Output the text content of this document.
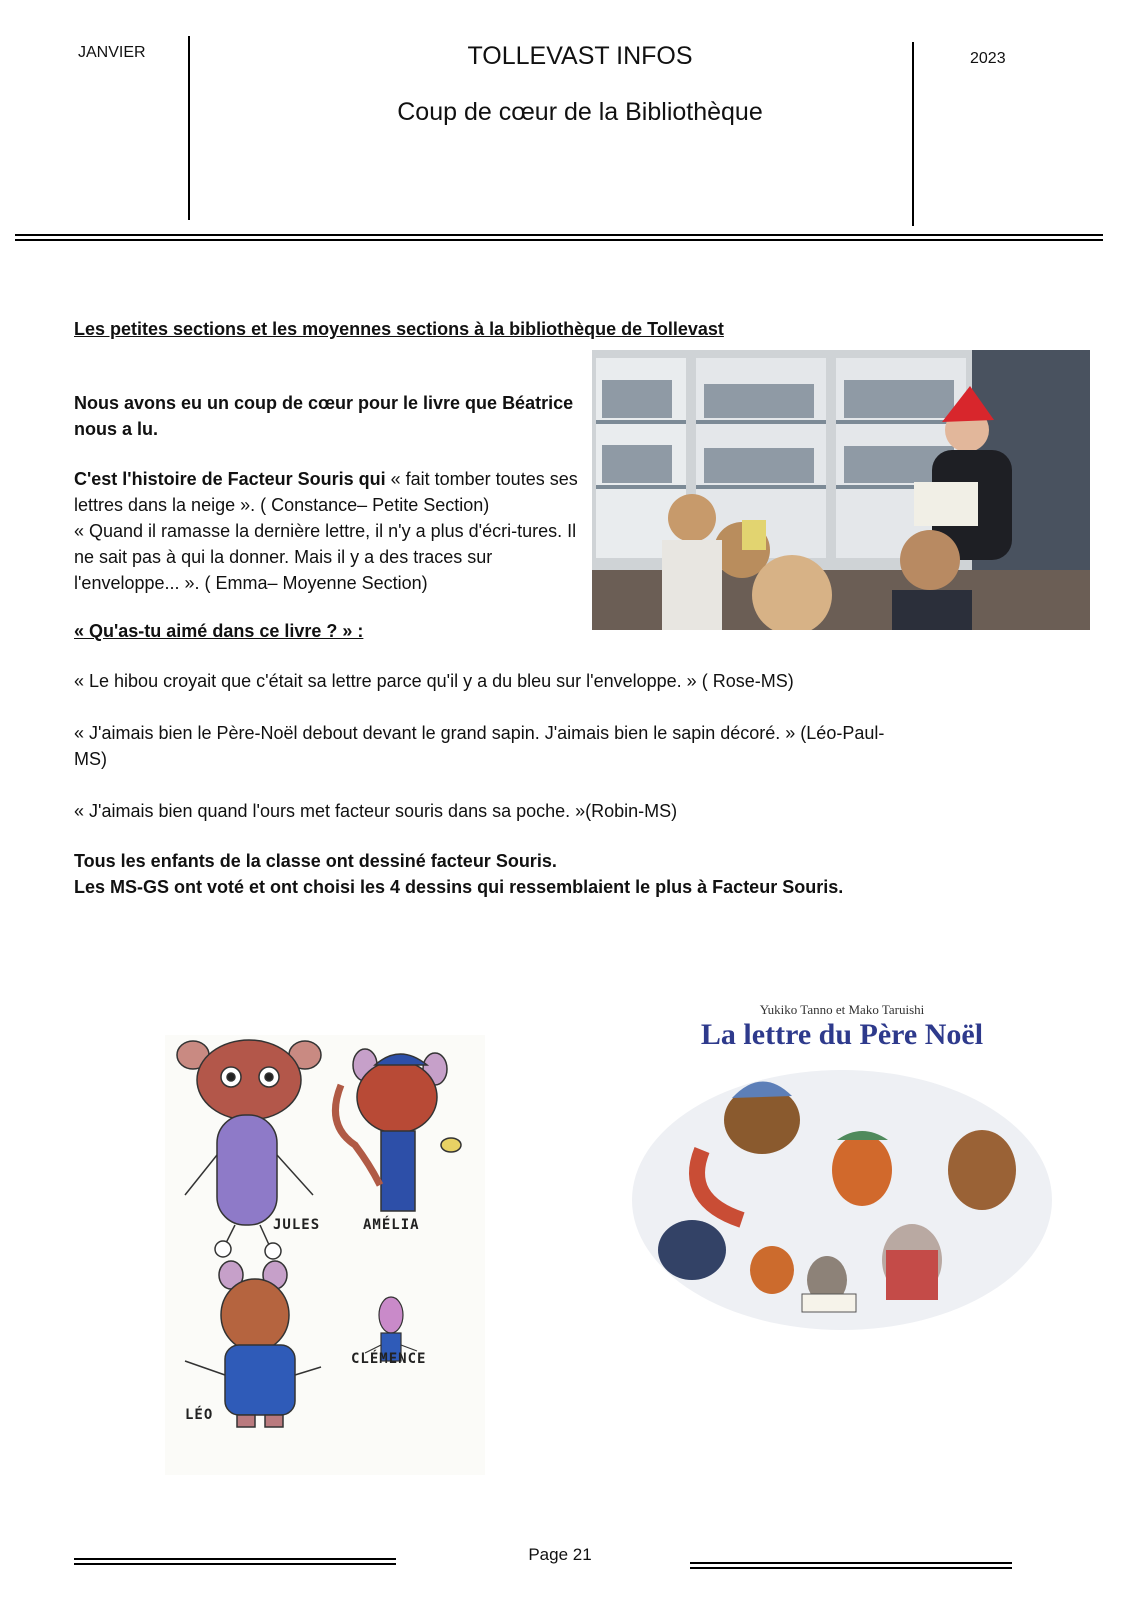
JANVIER	TOLLEVAST INFOS
Coup de cœur de la Bibliothèque
2023
Les petites sections et les moyennes sections à la bibliothèque de Tollevast
Nous avons eu un coup de cœur pour le livre que Béatrice nous a lu.
C'est l'histoire de Facteur Souris qui « fait tomber toutes ses lettres dans la neige ». ( Constance– Petite Section)
« Quand il ramasse la dernière lettre, il n'y a plus d'écri-tures. Il ne sait pas à qui la donner. Mais il y a des traces sur l'enveloppe... ». ( Emma– Moyenne Section)
« Qu'as-tu aimé dans ce livre ? » :
« Le hibou croyait que c'était sa lettre parce qu'il y a du bleu sur l'enveloppe. » ( Rose-MS)
« J'aimais bien le Père-Noël debout devant le grand sapin. J'aimais bien le sapin décoré. » (Léo-Paul-MS)
« J'aimais bien quand l'ours met facteur souris dans sa poche. »(Robin-MS)
Tous les enfants de la classe ont dessiné facteur Souris.
Les MS-GS ont voté et ont choisi les 4 dessins qui ressemblaient le plus à Facteur Souris.
JULES	AMÉLIA
LÉO
CLÉMENCE
Yukiko Tanno et Mako Taruishi
La lettre du Père Noël
Page 21
